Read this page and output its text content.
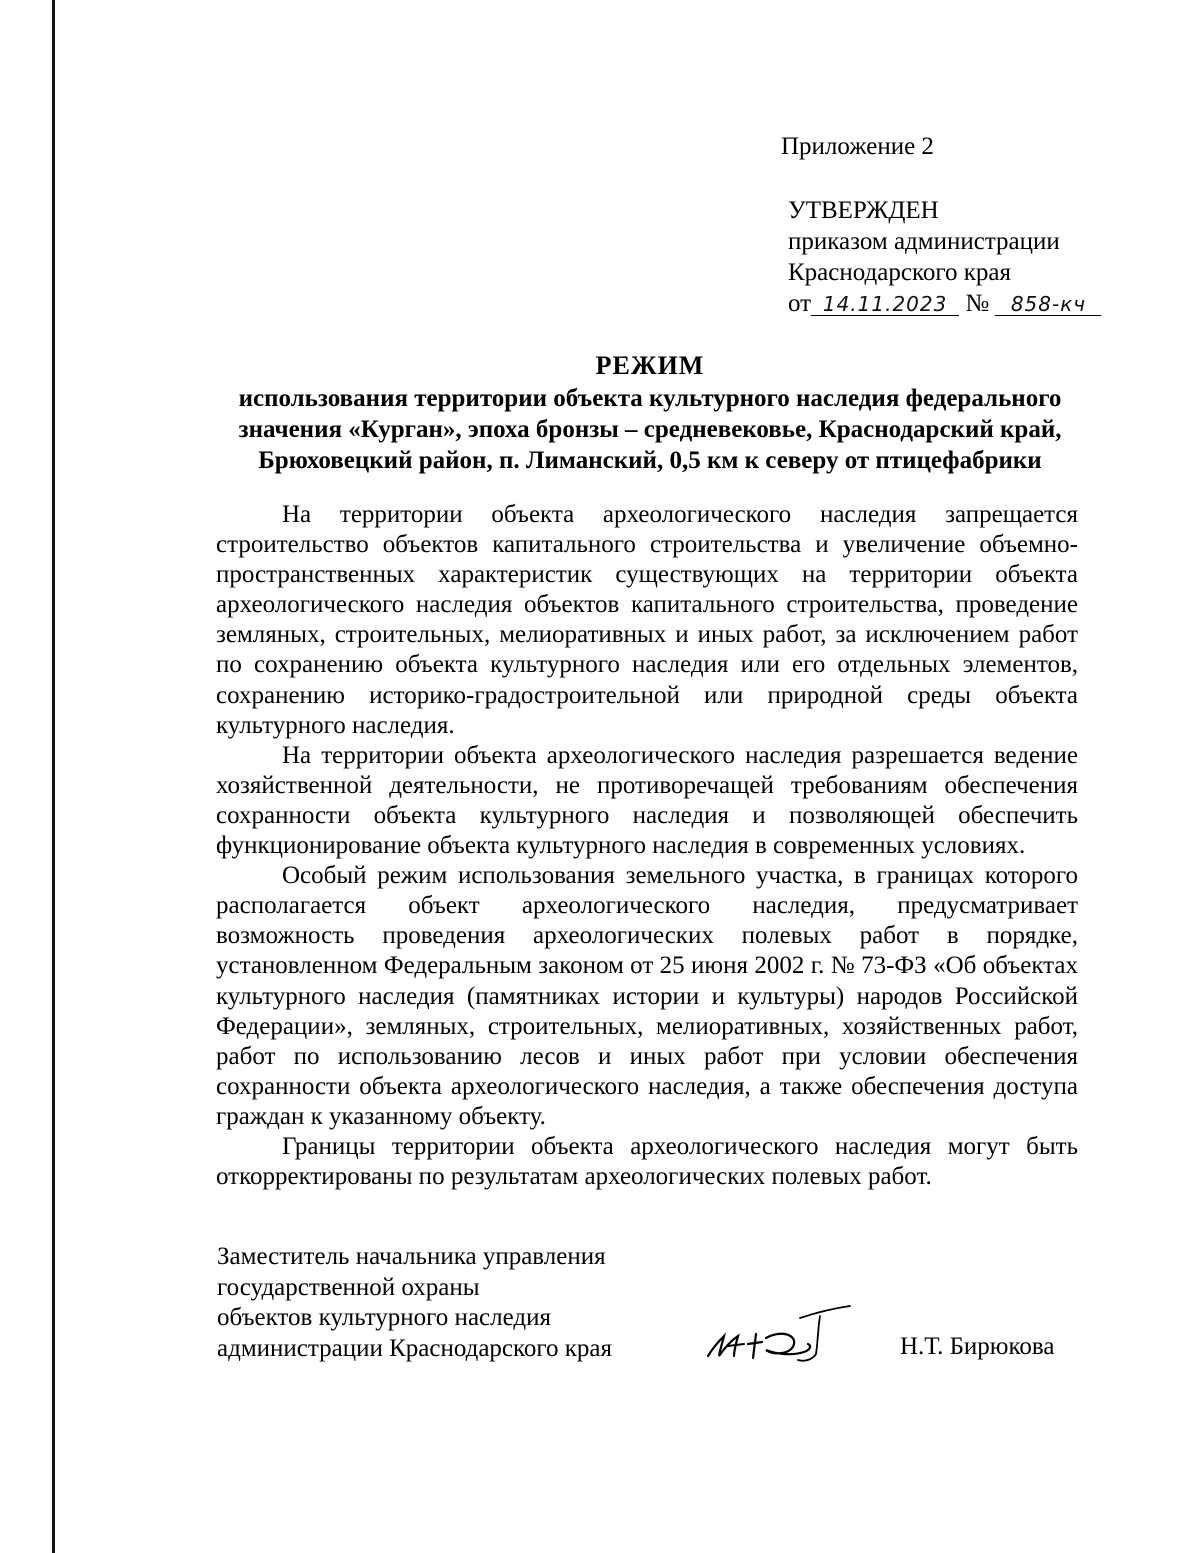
Приложение 2
УТВЕРЖДЕН
приказом администрации
Краснодарского края
от 14.11.2023 № 858-кч
РЕЖИМ
использования территории объекта культурного наследия федерального значения «Курган», эпоха бронзы – средневековье, Краснодарский край, Брюховецкий район, п. Лиманский, 0,5 км к северу от птицефабрики

На территории объекта археологического наследия запрещается строительство объектов капитального строительства и увеличение объемно-пространственных характеристик существующих на территории объекта археологического наследия объектов капитального строительства, проведение земляных, строительных, мелиоративных и иных работ, за исключением работ по сохранению объекта культурного наследия или его отдельных элементов, сохранению историко-градостроительной или природной среды объекта культурного наследия.

На территории объекта археологического наследия разрешается ведение хозяйственной деятельности, не противоречащей требованиям обеспечения сохранности объекта культурного наследия и позволяющей обеспечить функционирование объекта культурного наследия в современных условиях.

Особый режим использования земельного участка, в границах которого располагается объект археологического наследия, предусматривает возможность проведения археологических полевых работ в порядке, установленном Федеральным законом от 25 июня 2002 г. № 73-ФЗ «Об объектах культурного наследия (памятниках истории и культуры) народов Российской Федерации», земляных, строительных, мелиоративных, хозяйственных работ, работ по использованию лесов и иных работ при условии обеспечения сохранности объекта археологического наследия, а также обеспечения доступа граждан к указанному объекту.

Границы территории объекта археологического наследия могут быть откорректированы по результатам археологических полевых работ.

Заместитель начальника управления
государственной охраны
объектов культурного наследия
администрации Краснодарского края	Н.Т. Бирюкова
